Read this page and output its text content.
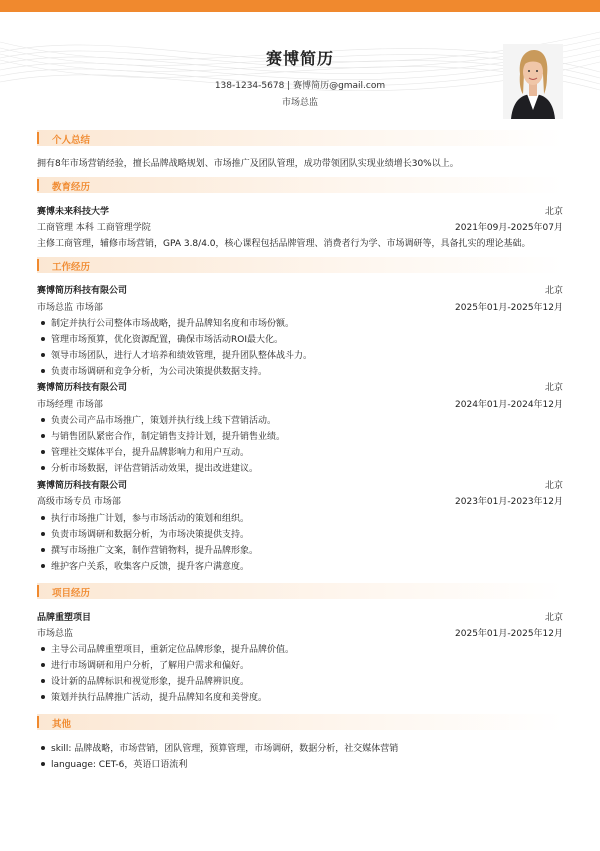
赛博简历
138-1234-5678 | 赛博简历@gmail.com
市场总监
个人总结
拥有8年市场营销经验，擅长品牌战略规划、市场推广及团队管理，成功带领团队实现业绩增长30%以上。
教育经历
赛博未来科技大学	北京
工商管理 本科 工商管理学院	2021年09月-2025年07月
主修工商管理，辅修市场营销，GPA 3.8/4.0，核心课程包括品牌管理、消费者行为学、市场调研等，具备扎实的理论基础。
工作经历
赛博简历科技有限公司	北京
市场总监 市场部	2025年01月-2025年12月
制定并执行公司整体市场战略，提升品牌知名度和市场份额。
管理市场预算，优化资源配置，确保市场活动ROI最大化。
领导市场团队，进行人才培养和绩效管理，提升团队整体战斗力。
负责市场调研和竞争分析，为公司决策提供数据支持。
赛博简历科技有限公司	北京
市场经理 市场部	2024年01月-2024年12月
负责公司产品市场推广，策划并执行线上线下营销活动。
与销售团队紧密合作，制定销售支持计划，提升销售业绩。
管理社交媒体平台，提升品牌影响力和用户互动。
分析市场数据，评估营销活动效果，提出改进建议。
赛博简历科技有限公司	北京
高级市场专员 市场部	2023年01月-2023年12月
执行市场推广计划，参与市场活动的策划和组织。
负责市场调研和数据分析，为市场决策提供支持。
撰写市场推广文案，制作营销物料，提升品牌形象。
维护客户关系，收集客户反馈，提升客户满意度。
项目经历
品牌重塑项目	北京
市场总监	2025年01月-2025年12月
主导公司品牌重塑项目，重新定位品牌形象，提升品牌价值。
进行市场调研和用户分析，了解用户需求和偏好。
设计新的品牌标识和视觉形象，提升品牌辨识度。
策划并执行品牌推广活动，提升品牌知名度和美誉度。
其他
skill: 品牌战略，市场营销，团队管理，预算管理，市场调研，数据分析，社交媒体营销
language: CET-6，英语口语流利
